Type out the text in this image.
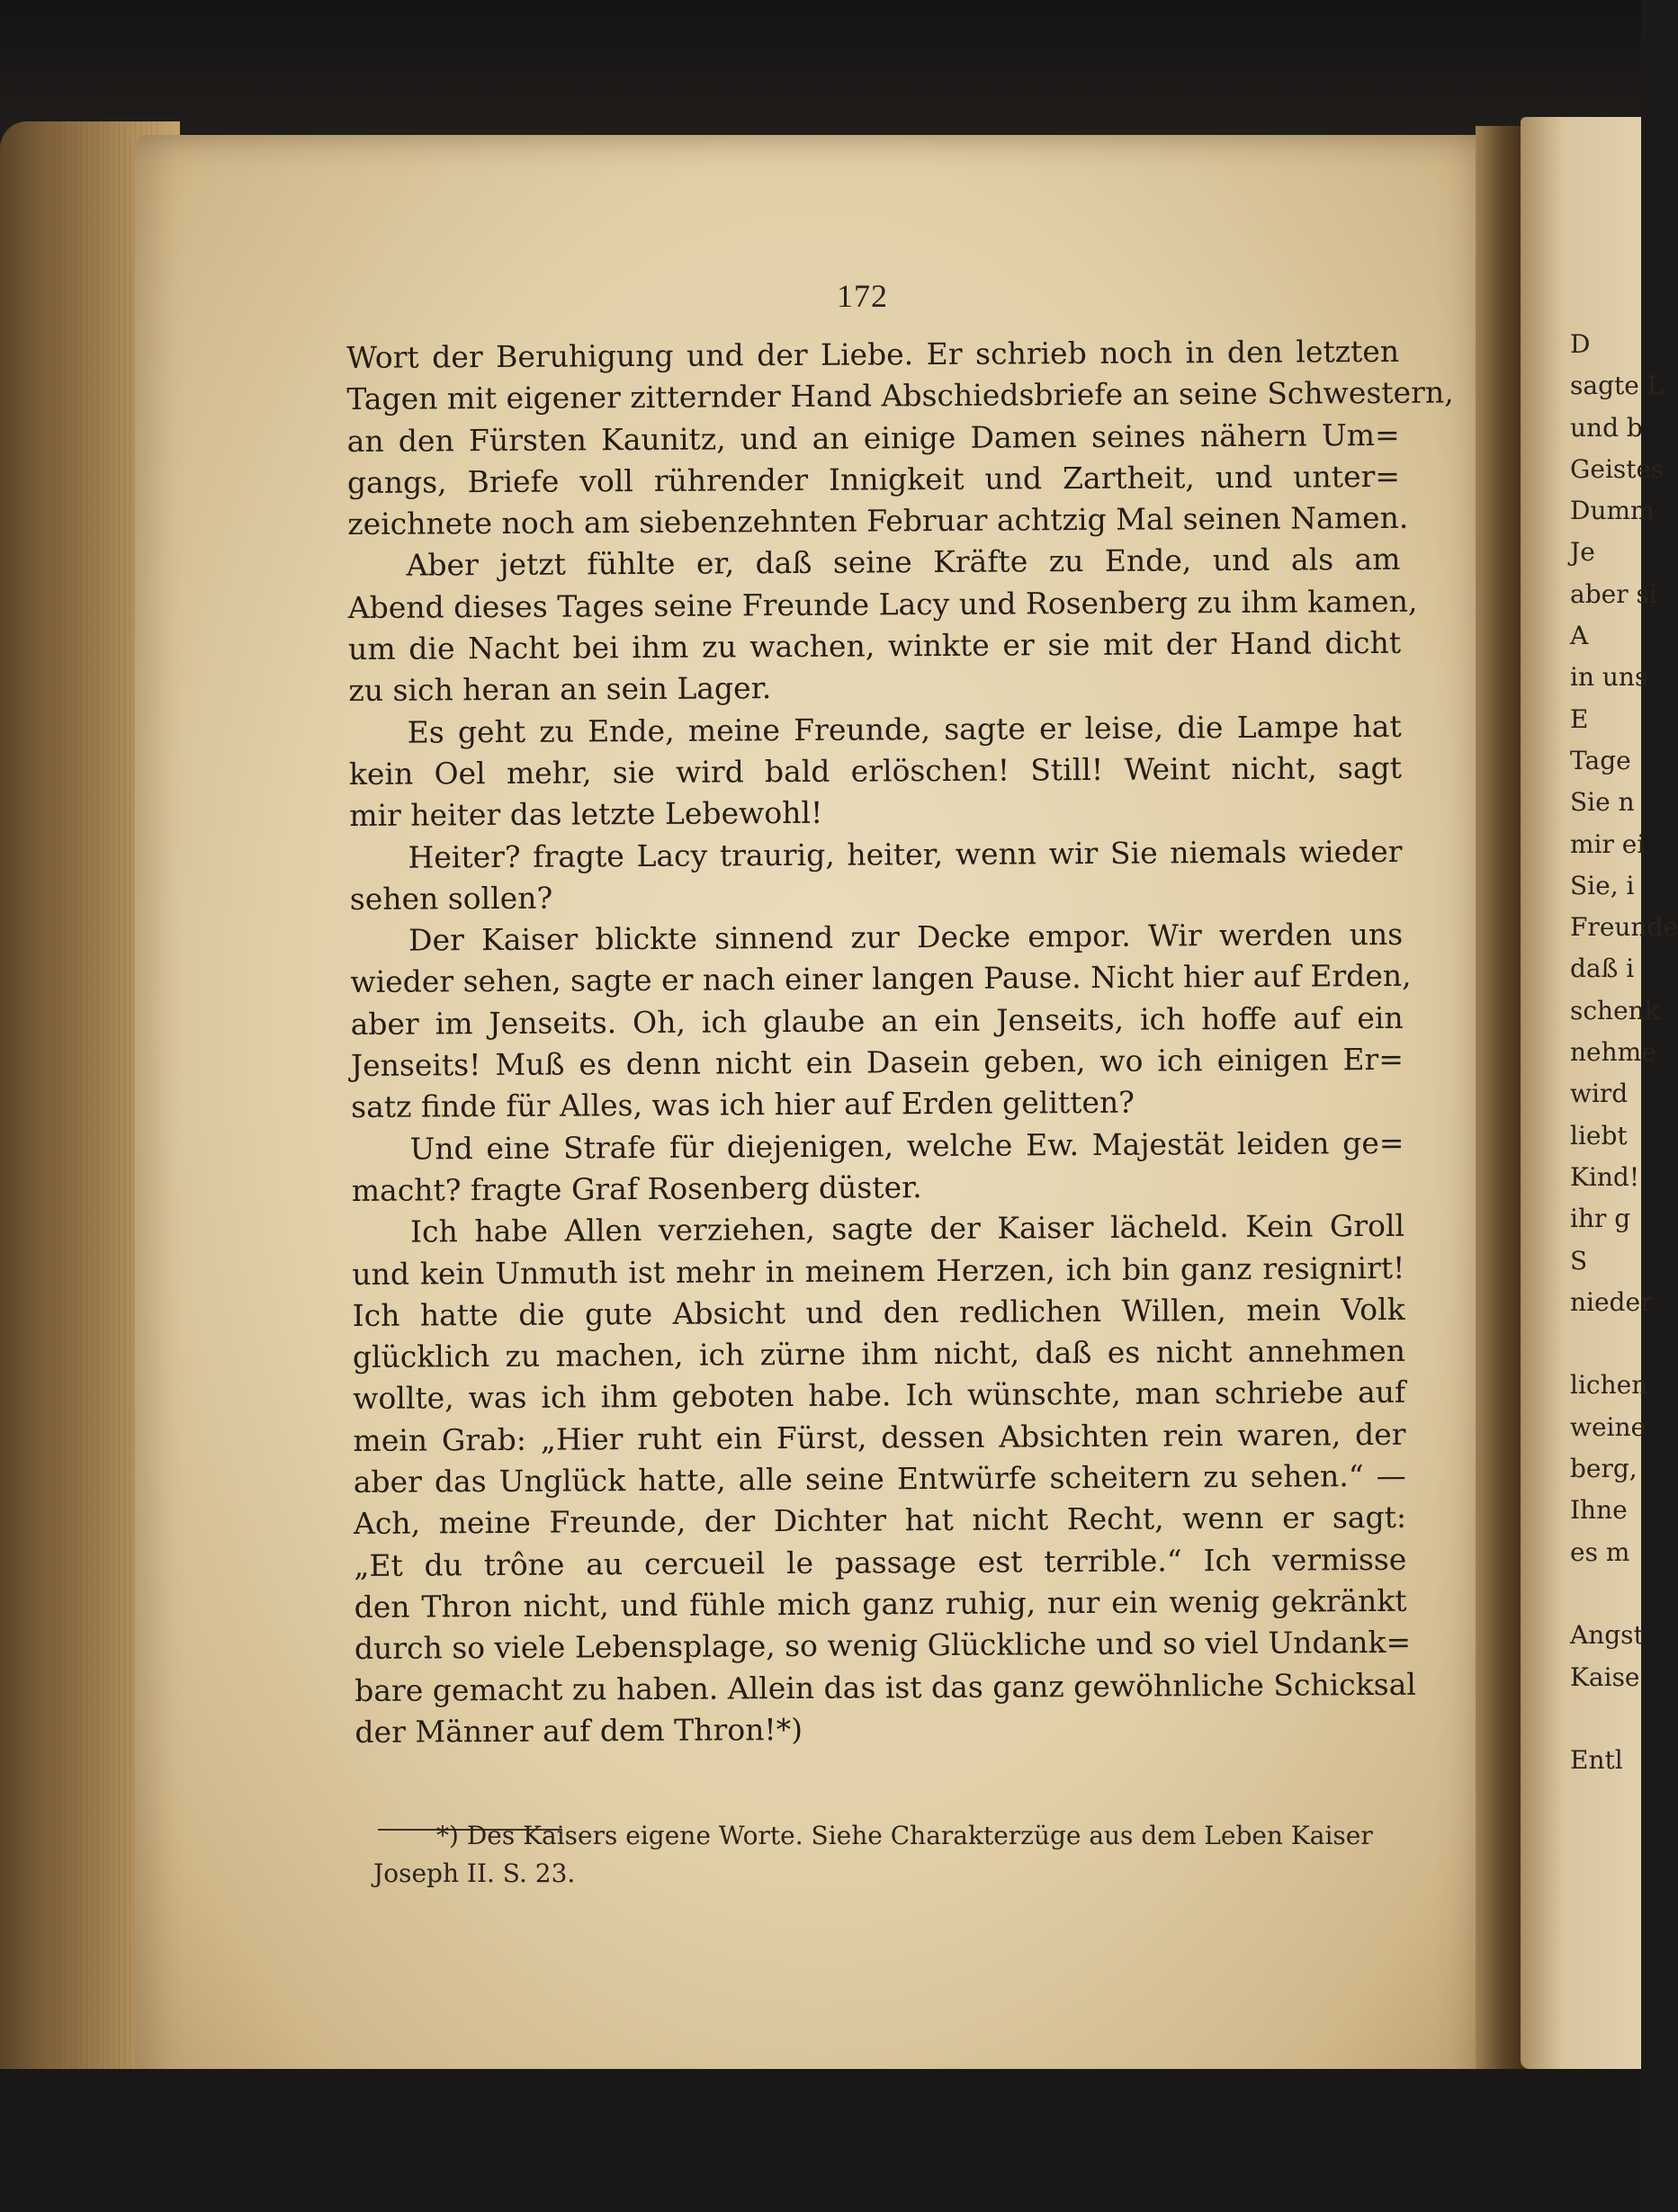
172
Wort der Beruhigung und der Liebe. Er schrieb noch in den letzten
Tagen mit eigener zitternder Hand Abschiedsbriefe an seine Schwestern,
an den Fürsten Kaunitz, und an einige Damen seines nähern Um=
gangs, Briefe voll rührender Innigkeit und Zartheit, und unter=
zeichnete noch am siebenzehnten Februar achtzig Mal seinen Namen.
Aber jetzt fühlte er, daß seine Kräfte zu Ende, und als am
Abend dieses Tages seine Freunde Lacy und Rosenberg zu ihm kamen,
um die Nacht bei ihm zu wachen, winkte er sie mit der Hand dicht
zu sich heran an sein Lager.
Es geht zu Ende, meine Freunde, sagte er leise, die Lampe hat
kein Oel mehr, sie wird bald erlöschen! Still! Weint nicht, sagt
mir heiter das letzte Lebewohl!
Heiter? fragte Lacy traurig, heiter, wenn wir Sie niemals wieder
sehen sollen?
Der Kaiser blickte sinnend zur Decke empor. Wir werden uns
wieder sehen, sagte er nach einer langen Pause. Nicht hier auf Erden,
aber im Jenseits. Oh, ich glaube an ein Jenseits, ich hoffe auf ein
Jenseits! Muß es denn nicht ein Dasein geben, wo ich einigen Er=
satz finde für Alles, was ich hier auf Erden gelitten?
Und eine Strafe für diejenigen, welche Ew. Majestät leiden ge=
macht? fragte Graf Rosenberg düster.
Ich habe Allen verziehen, sagte der Kaiser lächeld. Kein Groll
und kein Unmuth ist mehr in meinem Herzen, ich bin ganz resignirt!
Ich hatte die gute Absicht und den redlichen Willen, mein Volk
glücklich zu machen, ich zürne ihm nicht, daß es nicht annehmen
wollte, was ich ihm geboten habe. Ich wünschte, man schriebe auf
mein Grab: „Hier ruht ein Fürst, dessen Absichten rein waren, der
aber das Unglück hatte, alle seine Entwürfe scheitern zu sehen.“ —
Ach, meine Freunde, der Dichter hat nicht Recht, wenn er sagt:
„Et du trône au cercueil le passage est terrible.“ Ich vermisse
den Thron nicht, und fühle mich ganz ruhig, nur ein wenig gekränkt
durch so viele Lebensplage, so wenig Glückliche und so viel Undank=
bare gemacht zu haben. Allein das ist das ganz gewöhnliche Schicksal
der Männer auf dem Thron!*)
*) Des Kaisers eigene Worte. Siehe Charakterzüge aus dem Leben Kaiser
Joseph II. S. 23.
D
sagte L
und b
Geistes
Dumm
Je
aber si
A
in uns
E
Tage
Sie n
mir ei
Sie, i
Freunde
daß i
schenk
nehme
wird
liebt
Kind!
ihr g
S
nieder
lichen
weine
berg,
Ihne
es m
Angst
Kaise
Entl
